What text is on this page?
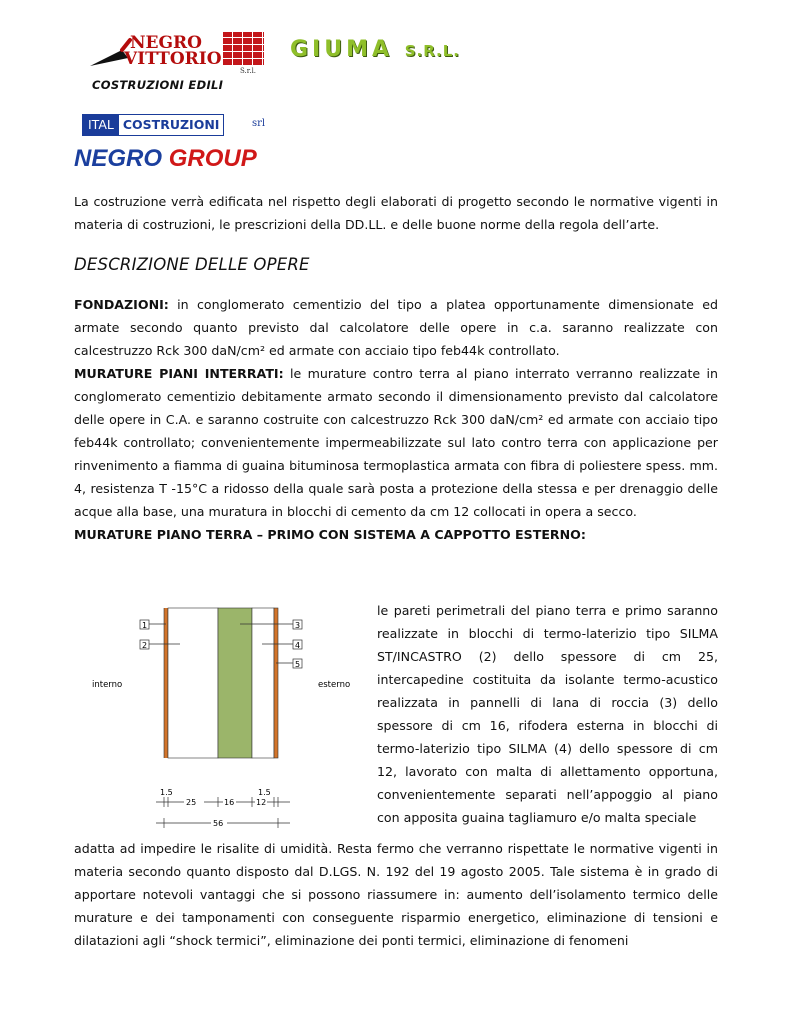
NEGRO
VITTORIO
S.r.l.
COSTRUZIONI EDILI
GIUMA S.R.L.
ITAL COSTRUZIONI	srl
NEGRO GROUP
La costruzione verrà edificata nel rispetto degli elaborati di progetto secondo le normative vigenti in materia di costruzioni, le prescrizioni della DD.LL. e delle buone norme della regola dell’arte.
DESCRIZIONE DELLE OPERE
FONDAZIONI: in conglomerato cementizio del tipo a platea opportunamente dimensionate ed armate secondo quanto previsto dal calcolatore delle opere in c.a. saranno realizzate con calcestruzzo Rck 300 daN/cm² ed armate con acciaio tipo feb44k controllato.
MURATURE PIANI INTERRATI: le murature contro terra al piano interrato verranno realizzate in conglomerato cementizio debitamente armato secondo il dimensionamento previsto dal calcolatore delle opere in C.A. e saranno costruite con calcestruzzo Rck 300 daN/cm² ed armate con acciaio tipo feb44k controllato; convenientemente impermeabilizzate sul lato contro terra con applicazione per rinvenimento a fiamma di guaina bituminosa termoplastica armata con fibra di poliestere spess. mm. 4, resistenza T -15°C a ridosso della quale sarà posta a protezione della stessa e per drenaggio delle acque alla base, una muratura in blocchi di cemento da cm 12 collocati in opera a secco.
MURATURE PIANO TERRA – PRIMO CON SISTEMA A CAPPOTTO ESTERNO:
1
2
3
4
5
interno	esterno
1.5	1.5
25	16	12
56
le pareti perimetrali del piano terra e primo saranno realizzate in blocchi di termo-laterizio tipo SILMA ST/INCASTRO (2) dello spessore di cm 25, intercapedine costituita da isolante termo-acustico realizzata in pannelli di lana di roccia (3) dello spessore di cm 16, rifodera esterna in blocchi di termo-laterizio tipo SILMA (4) dello spessore di cm 12, lavorato con malta di allettamento opportuna, convenientemente separati nell’appoggio al piano con apposita guaina tagliamuro e/o malta speciale
adatta ad impedire le risalite di umidità. Resta fermo che verranno rispettate le normative vigenti in materia secondo quanto disposto dal D.LGS. N. 192 del 19 agosto 2005. Tale sistema è in grado di apportare notevoli vantaggi che si possono riassumere in: aumento dell’isolamento termico delle murature e dei tamponamenti con conseguente risparmio energetico, eliminazione di tensioni e dilatazioni agli “shock termici”, eliminazione dei ponti termici, eliminazione di fenomeni
